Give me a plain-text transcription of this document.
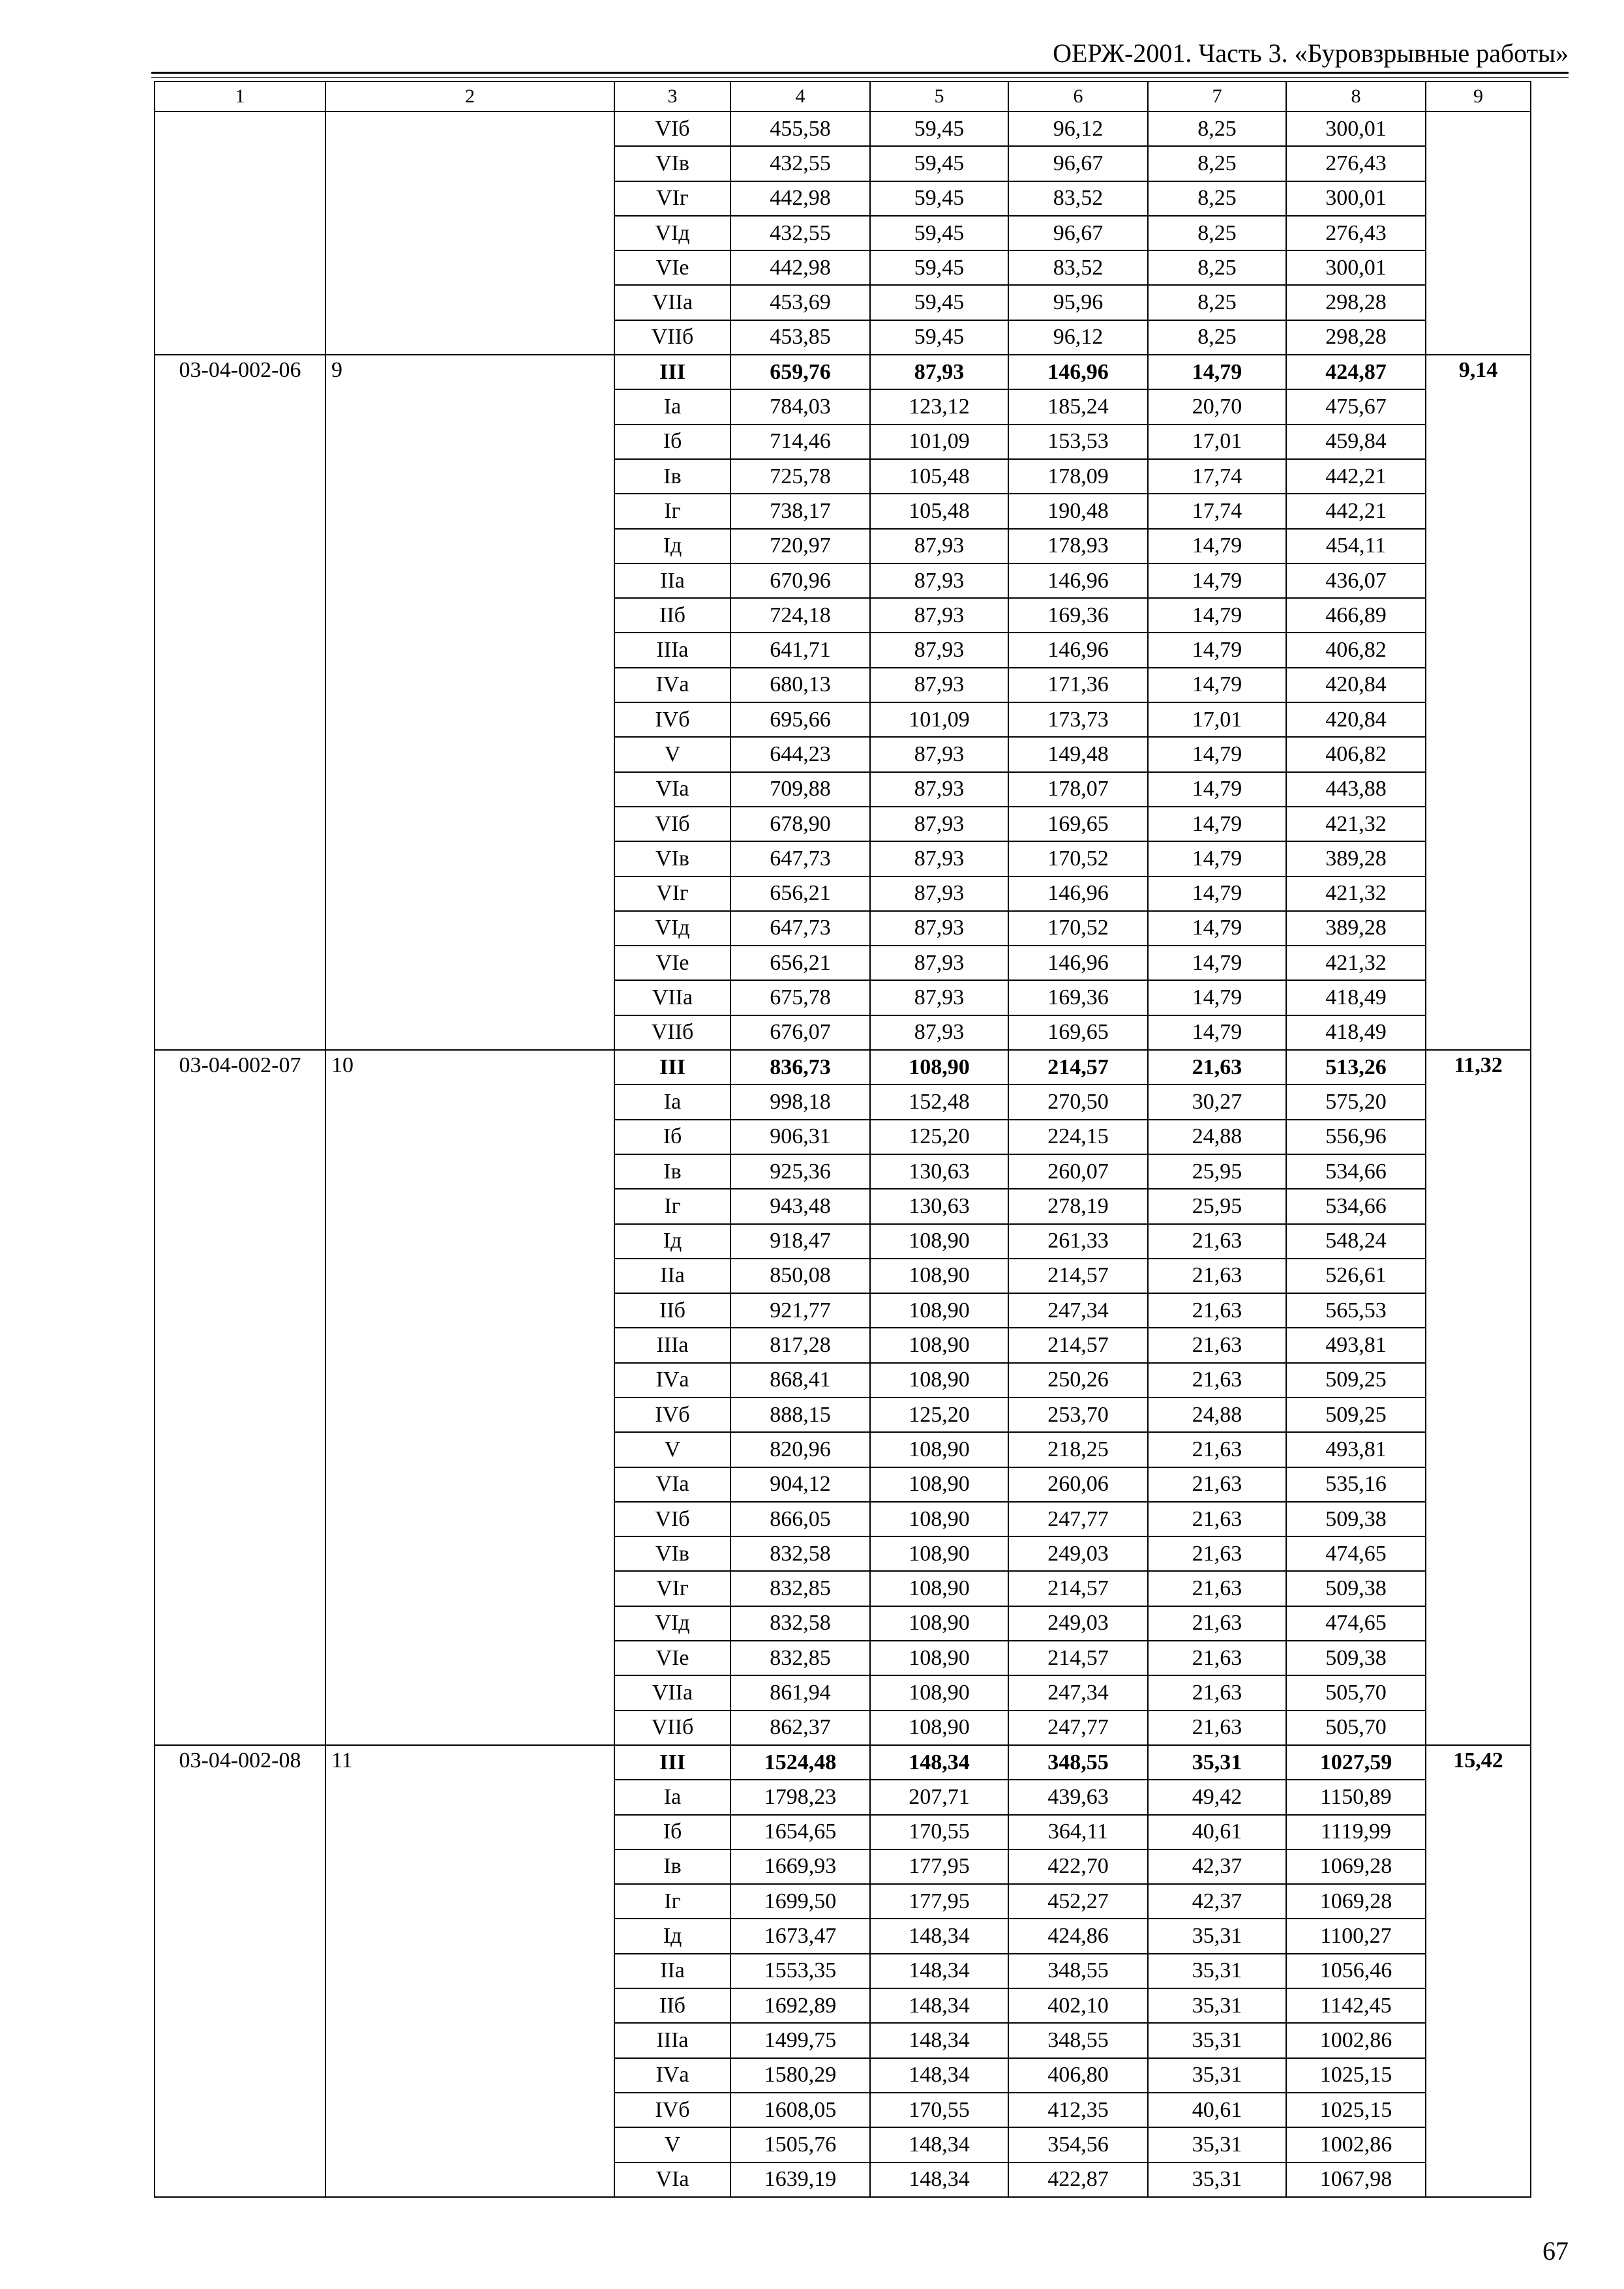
ОЕРЖ-2001. Часть 3. «Буровзрывные работы»
1	2	3	4	5	6	7	8	9
		VIб	455,58	59,45	96,12	8,25	300,01	
		VIв	432,55	59,45	96,67	8,25	276,43	
		VIг	442,98	59,45	83,52	8,25	300,01	
		VIд	432,55	59,45	96,67	8,25	276,43	
		VIе	442,98	59,45	83,52	8,25	300,01	
		VIIа	453,69	59,45	95,96	8,25	298,28	
		VIIб	453,85	59,45	96,12	8,25	298,28	
03-04-002-06	9	III	659,76	87,93	146,96	14,79	424,87	9,14
		Iа	784,03	123,12	185,24	20,70	475,67	
		Iб	714,46	101,09	153,53	17,01	459,84	
		Iв	725,78	105,48	178,09	17,74	442,21	
		Iг	738,17	105,48	190,48	17,74	442,21	
		Iд	720,97	87,93	178,93	14,79	454,11	
		IIа	670,96	87,93	146,96	14,79	436,07	
		IIб	724,18	87,93	169,36	14,79	466,89	
		IIIа	641,71	87,93	146,96	14,79	406,82	
		IVа	680,13	87,93	171,36	14,79	420,84	
		IVб	695,66	101,09	173,73	17,01	420,84	
		V	644,23	87,93	149,48	14,79	406,82	
		VIа	709,88	87,93	178,07	14,79	443,88	
		VIб	678,90	87,93	169,65	14,79	421,32	
		VIв	647,73	87,93	170,52	14,79	389,28	
		VIг	656,21	87,93	146,96	14,79	421,32	
		VIд	647,73	87,93	170,52	14,79	389,28	
		VIе	656,21	87,93	146,96	14,79	421,32	
		VIIа	675,78	87,93	169,36	14,79	418,49	
		VIIб	676,07	87,93	169,65	14,79	418,49	
03-04-002-07	10	III	836,73	108,90	214,57	21,63	513,26	11,32
		Iа	998,18	152,48	270,50	30,27	575,20	
		Iб	906,31	125,20	224,15	24,88	556,96	
		Iв	925,36	130,63	260,07	25,95	534,66	
		Iг	943,48	130,63	278,19	25,95	534,66	
		Iд	918,47	108,90	261,33	21,63	548,24	
		IIа	850,08	108,90	214,57	21,63	526,61	
		IIб	921,77	108,90	247,34	21,63	565,53	
		IIIа	817,28	108,90	214,57	21,63	493,81	
		IVа	868,41	108,90	250,26	21,63	509,25	
		IVб	888,15	125,20	253,70	24,88	509,25	
		V	820,96	108,90	218,25	21,63	493,81	
		VIа	904,12	108,90	260,06	21,63	535,16	
		VIб	866,05	108,90	247,77	21,63	509,38	
		VIв	832,58	108,90	249,03	21,63	474,65	
		VIг	832,85	108,90	214,57	21,63	509,38	
		VIд	832,58	108,90	249,03	21,63	474,65	
		VIе	832,85	108,90	214,57	21,63	509,38	
		VIIа	861,94	108,90	247,34	21,63	505,70	
		VIIб	862,37	108,90	247,77	21,63	505,70	
03-04-002-08	11	III	1524,48	148,34	348,55	35,31	1027,59	15,42
		Iа	1798,23	207,71	439,63	49,42	1150,89	
		Iб	1654,65	170,55	364,11	40,61	1119,99	
		Iв	1669,93	177,95	422,70	42,37	1069,28	
		Iг	1699,50	177,95	452,27	42,37	1069,28	
		Iд	1673,47	148,34	424,86	35,31	1100,27	
		IIа	1553,35	148,34	348,55	35,31	1056,46	
		IIб	1692,89	148,34	402,10	35,31	1142,45	
		IIIа	1499,75	148,34	348,55	35,31	1002,86	
		IVа	1580,29	148,34	406,80	35,31	1025,15	
		IVб	1608,05	170,55	412,35	40,61	1025,15	
		V	1505,76	148,34	354,56	35,31	1002,86	
		VIа	1639,19	148,34	422,87	35,31	1067,98	
67
